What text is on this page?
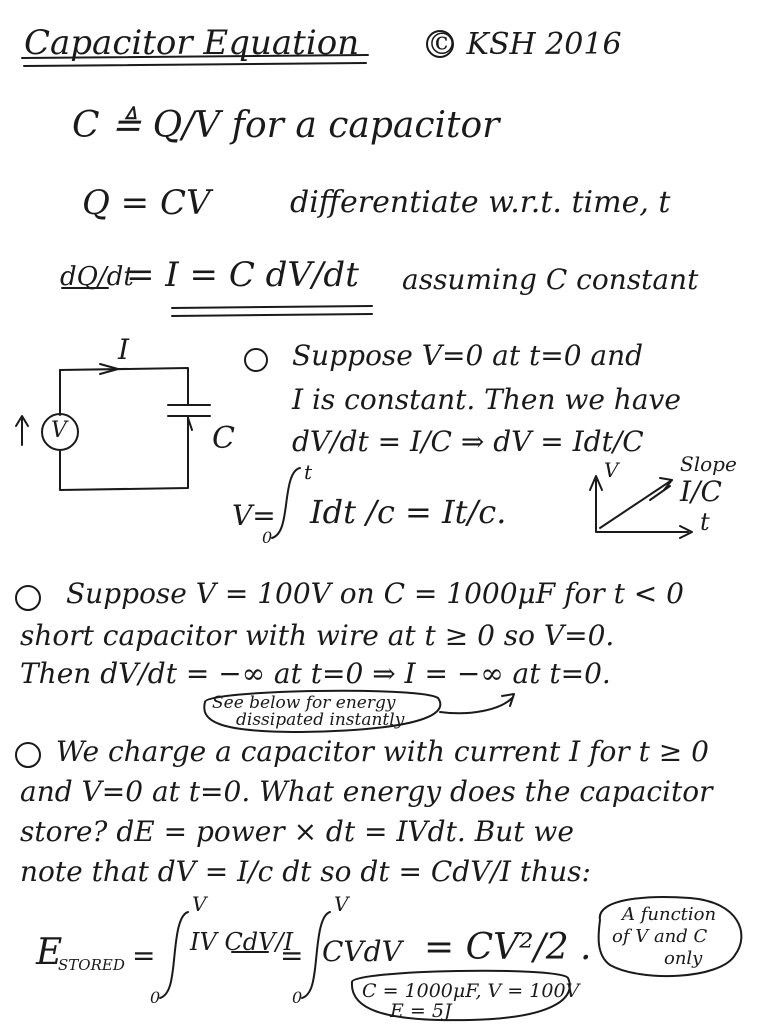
Capacitor Equation © KSH 2016
C ≜ Q/V for a capacitor
Q = CV	differentiate w.r.t. time, t
dQ/dt
= I = C dV/dt assuming C constant
I
V	C
Suppose V=0 at t=0 and
I is constant. Then we have
dV/dt = I/C ⇒ dV = Idt/C
V=
t
0
Idt /c = It/c.
V
t
Slope
I/C
Suppose V = 100V on C = 1000μF for t < 0
short capacitor with wire at t ≥ 0 so V=0.
Then dV/dt = −∞ at t=0 ⇒ I = −∞ at t=0.
See below for energy
dissipated instantly
We charge a capacitor with current I for t ≥ 0
and V=0 at t=0. What energy does the capacitor
store? dE = power × dt = IVdt. But we
note that dV = I/c dt so dt = CdV/I thus:
E
STORED =
V
0
IV CdV/I
=
V
0
CVdV = CV²/2 .
A function
of V and C
only
C = 1000μF, V = 100V
E = 5J
